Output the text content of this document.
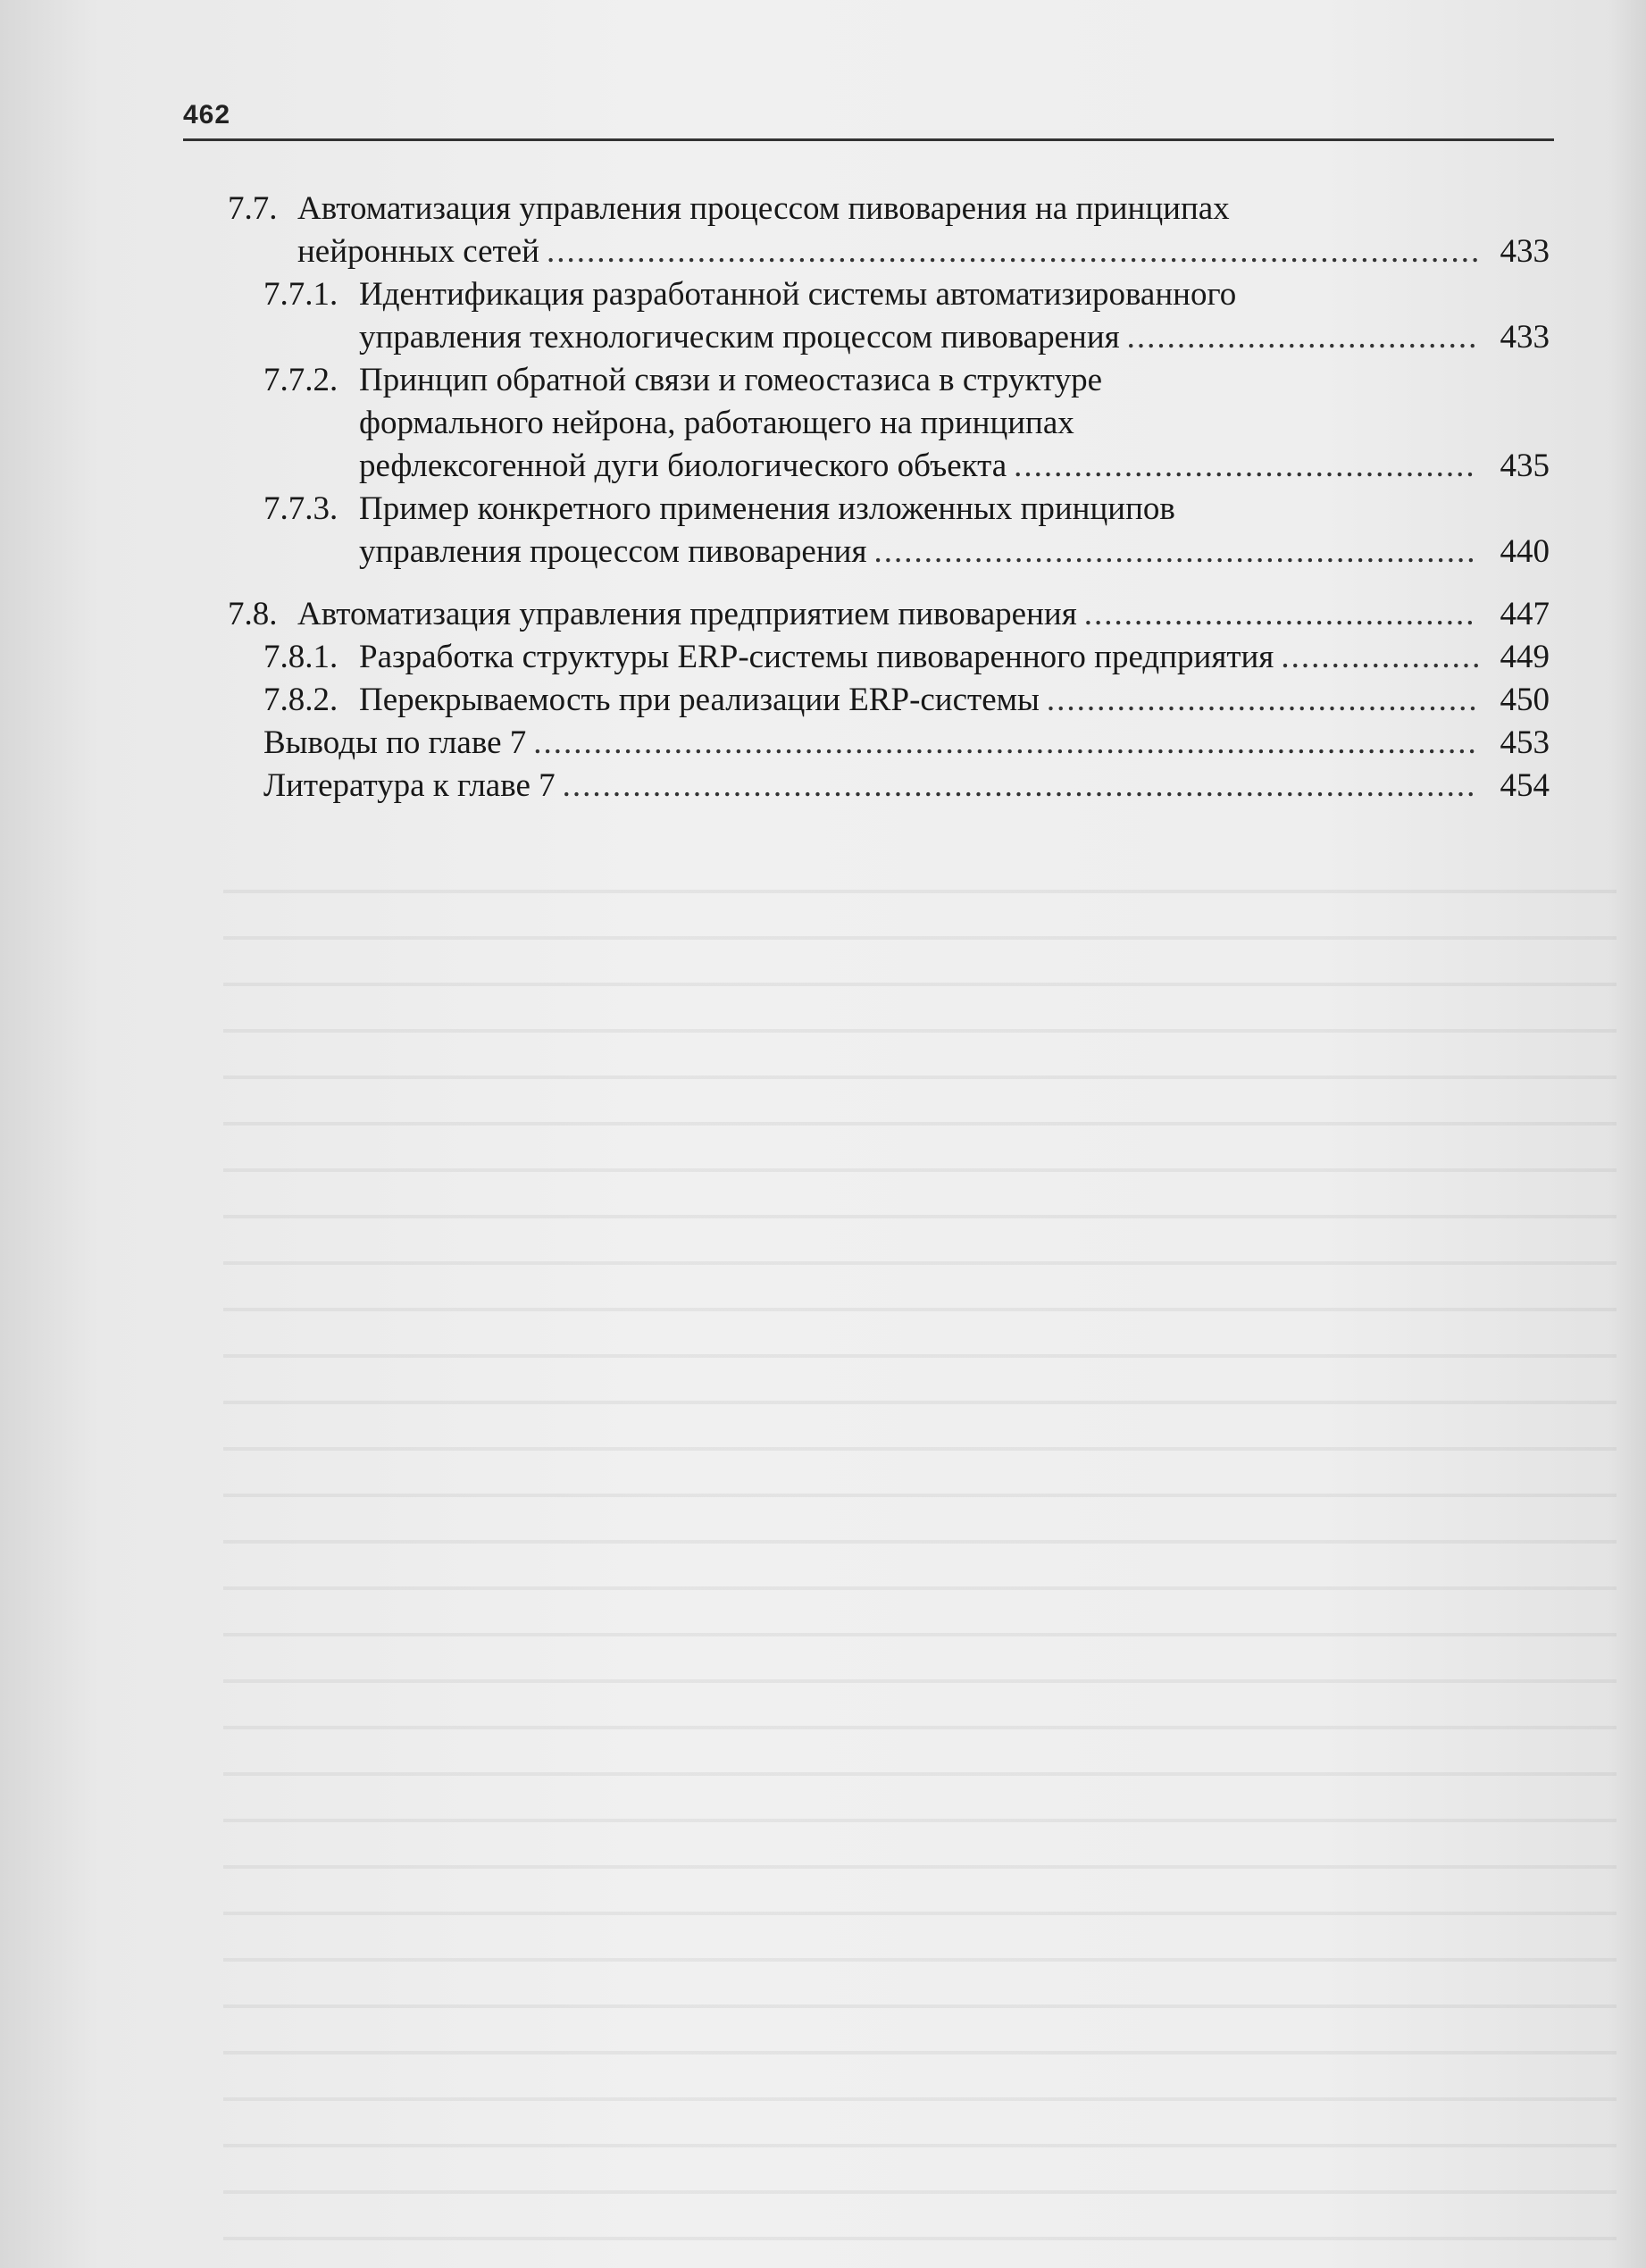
462
7.7. Автоматизация управления процессом пивоварения на принципах
нейронных сетей .....	433
7.7.1. Идентификация разработанной системы автоматизированного
управления технологическим процессом пивоварения .....	433
7.7.2. Принцип обратной связи и гомеостазиса в структуре
формального нейрона, работающего на принципах
рефлексогенной дуги биологического объекта .....	435
7.7.3. Пример конкретного применения изложенных принципов
управления процессом пивоварения .....	440
7.8. Автоматизация управления предприятием пивоварения .....	447
7.8.1. Разработка структуры ERP-системы пивоваренного предприятия .....	449
7.8.2. Перекрываемость при реализации ERP-системы .....	450
Выводы по главе 7 .....	453
Литература к главе 7 .....	454
